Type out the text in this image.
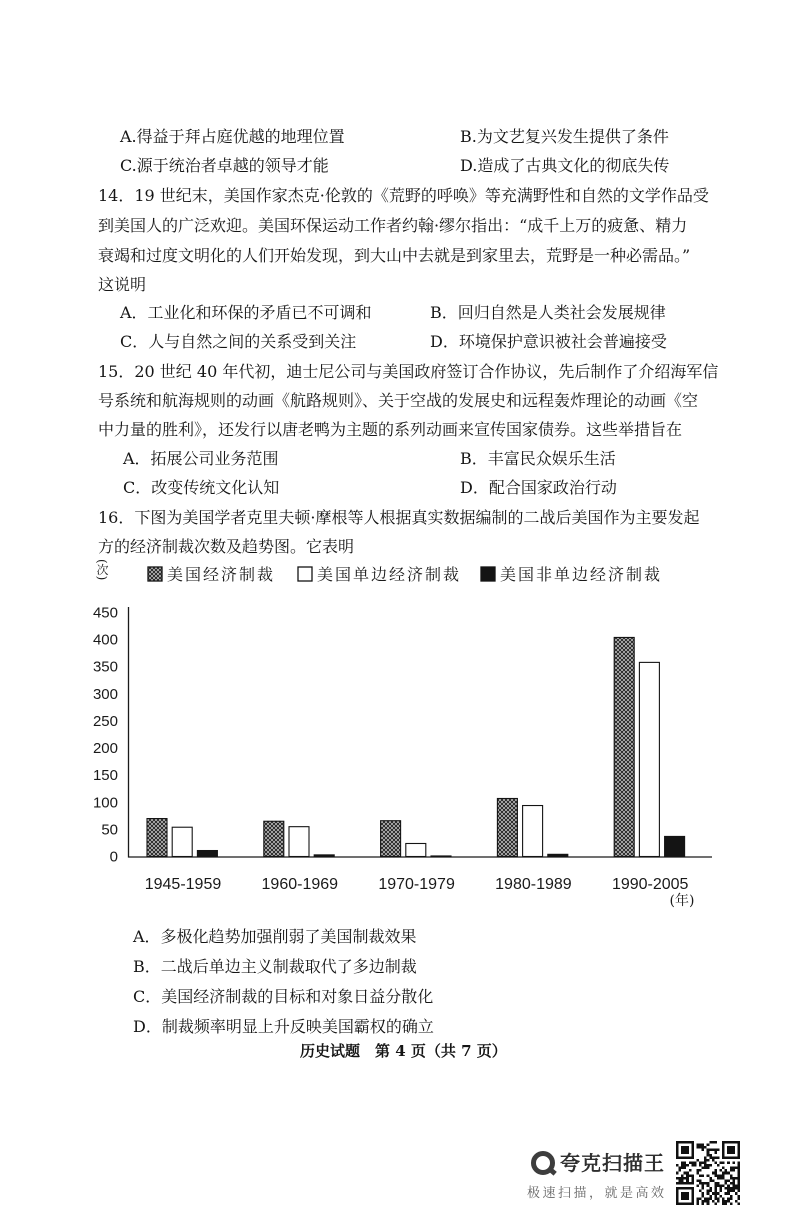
A.得益于拜占庭优越的地理位置	B.为文艺复兴发生提供了条件
C.源于统治者卓越的领导才能	D.造成了古典文化的彻底失传
14．19 世纪末，美国作家杰克·伦敦的《荒野的呼唤》等充满野性和自然的文学作品受
到美国人的广泛欢迎。美国环保运动工作者约翰·缪尔指出：“成千上万的疲惫、精力
衰竭和过度文明化的人们开始发现，到大山中去就是到家里去，荒野是一种必需品。”
这说明
A．工业化和环保的矛盾已不可调和	B．回归自然是人类社会发展规律
C．人与自然之间的关系受到关注	D．环境保护意识被社会普遍接受
15．20 世纪 40 年代初，迪士尼公司与美国政府签订合作协议，先后制作了介绍海军信
号系统和航海规则的动画《航路规则》、关于空战的发展史和远程轰炸理论的动画《空
中力量的胜利》，还发行以唐老鸭为主题的系列动画来宣传国家债券。这些举措旨在
A．拓展公司业务范围	B．丰富民众娱乐生活
C．改变传统文化认知	D．配合国家政治行动
16．下图为美国学者克里夫顿·摩根等人根据真实数据编制的二战后美国作为主要发起
方的经济制裁次数及趋势图。它表明
(次)
0
50
100
150
200
250
300
350
400
450
1945-1959	1960-1969	1970-1979	1980-1989	1990-2005
(年)
美国经济制裁	美国单边经济制裁 美国非单边经济制裁
A．多极化趋势加强削弱了美国制裁效果
B．二战后单边主义制裁取代了多边制裁
C．美国经济制裁的目标和对象日益分散化
D．制裁频率明显上升反映美国霸权的确立
历史试题　第 4 页（共 7 页）
夸克扫描王
极速扫描，就是高效
